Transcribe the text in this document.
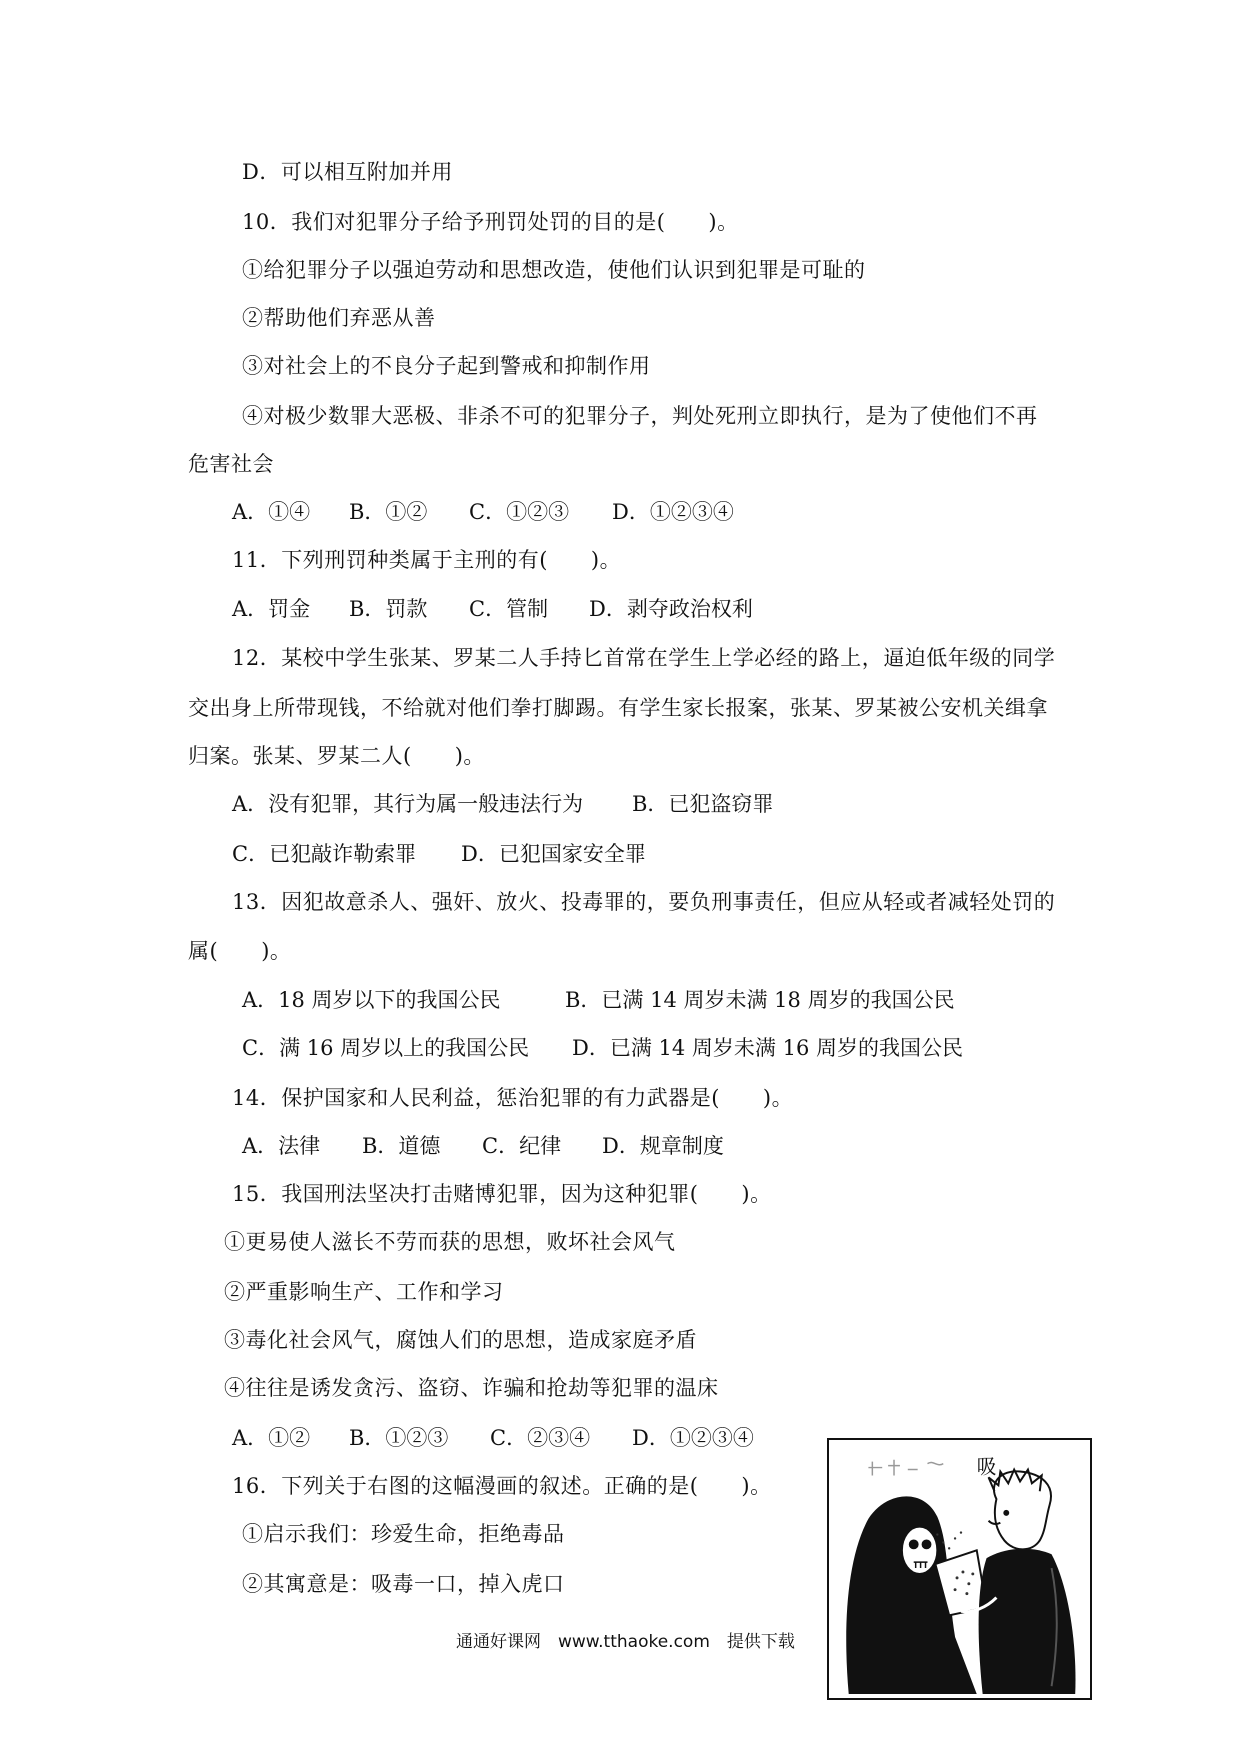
D．可以相互附加并用
10．我们对犯罪分子给予刑罚处罚的目的是(　　)。
①给犯罪分子以强迫劳动和思想改造，使他们认识到犯罪是可耻的
②帮助他们弃恶从善
③对社会上的不良分子起到警戒和抑制作用
④对极少数罪大恶极、非杀不可的犯罪分子，判处死刑立即执行，是为了使他们不再
危害社会
A．①④ B．①② C．①②③ D．①②③④
11．下列刑罚种类属于主刑的有(　　)。
A．罚金 B．罚款 C．管制 D．剥夺政治权利
12．某校中学生张某、罗某二人手持匕首常在学生上学必经的路上，逼迫低年级的同学
交出身上所带现钱，不给就对他们拳打脚踢。有学生家长报案，张某、罗某被公安机关缉拿
归案。张某、罗某二人(　　)。
A．没有犯罪，其行为属一般违法行为 B．已犯盗窃罪
C．已犯敲诈勒索罪 D．已犯国家安全罪
13．因犯故意杀人、强奸、放火、投毒罪的，要负刑事责任，但应从轻或者减轻处罚的
属(　　)。
A．18 周岁以下的我国公民	B．已满 14 周岁未满 18 周岁的我国公民
C．满 16 周岁以上的我国公民 D．已满 14 周岁未满 16 周岁的我国公民
14．保护国家和人民利益，惩治犯罪的有力武器是(　　)。
A．法律 B．道德 C．纪律 D．规章制度
15．我国刑法坚决打击赌博犯罪，因为这种犯罪(　　)。
①更易使人滋长不劳而获的思想，败坏社会风气
②严重影响生产、工作和学习
③毒化社会风气，腐蚀人们的思想，造成家庭矛盾
④往往是诱发贪污、盗窃、诈骗和抢劫等犯罪的温床
A．①② B．①②③ C．②③④ D．①②③④
16．下列关于右图的这幅漫画的叙述。正确的是(　　)。
①启示我们：珍爱生命，拒绝毒品
②其寓意是：吸毒一口，掉入虎口
吸
通通好课网　www.tthaoke.com　提供下载
